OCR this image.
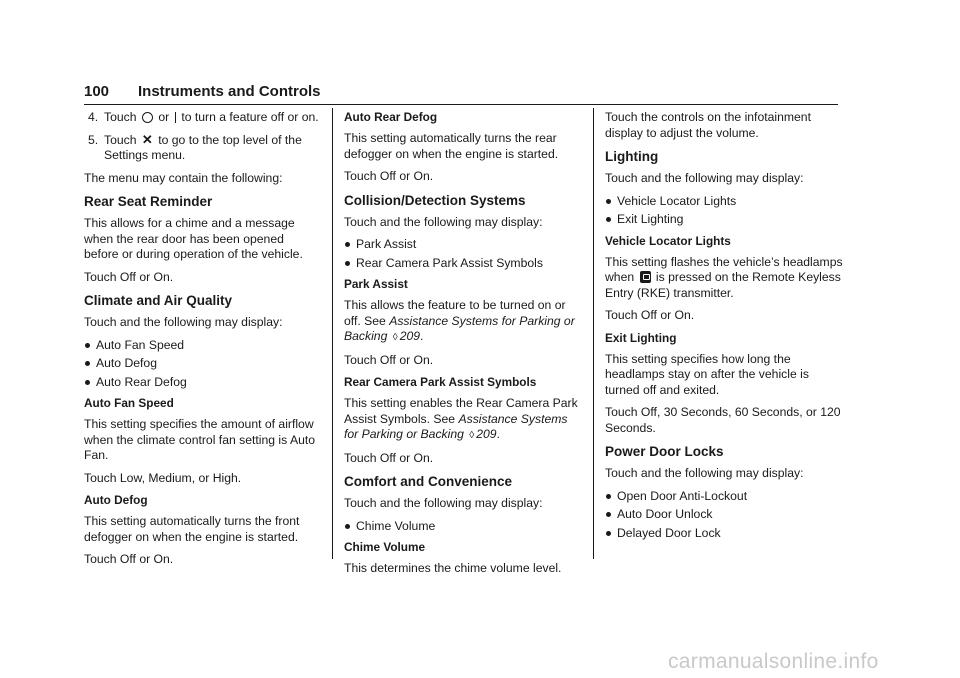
100 Instruments and Controls
4. Touch or to turn a feature off or on.
5. Touch ✕ to go to the top level of the Settings menu.

The menu may contain the following:

Rear Seat Reminder

This allows for a chime and a message when the rear door has been opened before or during operation of the vehicle.

Touch Off or On.

Climate and Air Quality

Touch and the following may display:

Auto Fan Speed
Auto Defog
Auto Rear Defog
Auto Fan Speed

This setting specifies the amount of airflow when the climate control fan setting is Auto Fan.

Touch Low, Medium, or High.

Auto Defog

This setting automatically turns the front defogger on when the engine is started.

Touch Off or On.

Auto Rear Defog

This setting automatically turns the rear defogger on when the engine is started.

Touch Off or On.

Collision/Detection Systems

Touch and the following may display:

Park Assist
Rear Camera Park Assist Symbols
Park Assist

This allows the feature to be turned on or off. See Assistance Systems for Parking or Backing ◊ 209.

Touch Off or On.

Rear Camera Park Assist Symbols

This setting enables the Rear Camera Park Assist Symbols. See Assistance Systems for Parking or Backing ◊ 209.

Touch Off or On.

Comfort and Convenience

Touch and the following may display:

Chime Volume
Chime Volume

This determines the chime volume level.

Touch the controls on the infotainment display to adjust the volume.

Lighting

Touch and the following may display:

Vehicle Locator Lights
Exit Lighting
Vehicle Locator Lights

This setting flashes the vehicle’s headlamps when is pressed on the Remote Keyless Entry (RKE) transmitter.

Touch Off or On.

Exit Lighting

This setting specifies how long the headlamps stay on after the vehicle is turned off and exited.

Touch Off, 30 Seconds, 60 Seconds, or 120 Seconds.

Power Door Locks

Touch and the following may display:

Open Door Anti-Lockout
Auto Door Unlock
Delayed Door Lock
carmanualsonline.info
